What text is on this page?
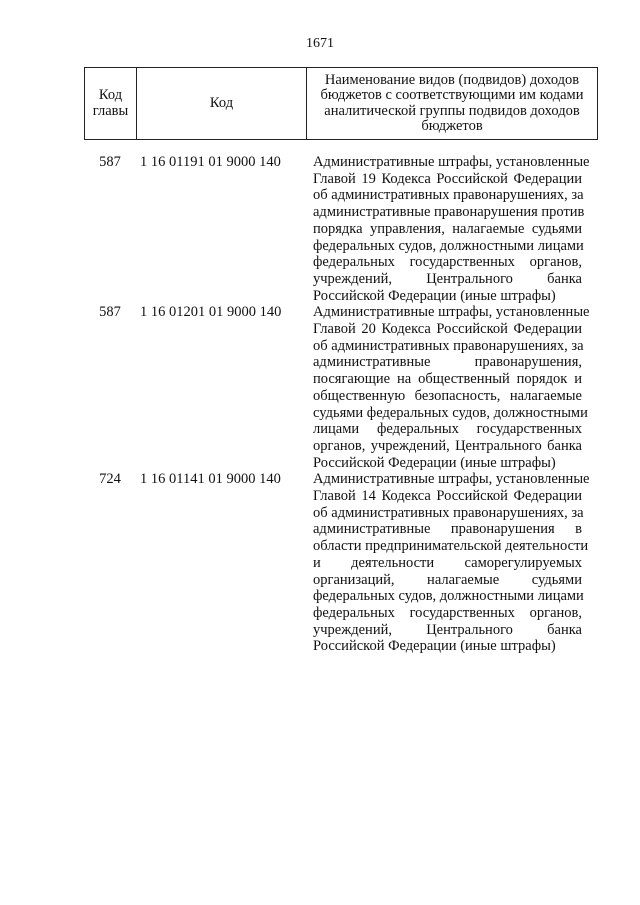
1671
Код главы	Код	Наименование видов (подвидов) доходов бюджетов с соответствующими им кодами аналитической группы подвидов доходов бюджетов
587	1 16 01191 01 9000 140	Административные штрафы, установленные
Главой 19 Кодекса Российской Федерации
об административных правонарушениях, за
административные правонарушения против
порядка управления, налагаемые судьями
федеральных судов, должностными лицами
федеральных государственных органов,
учреждений, Центрального банка
Российской Федерации (иные штрафы)
587	1 16 01201 01 9000 140	Административные штрафы, установленные
Главой 20 Кодекса Российской Федерации
об административных правонарушениях, за
административные правонарушения,
посягающие на общественный порядок и
общественную безопасность, налагаемые
судьями федеральных судов, должностными
лицами федеральных государственных
органов, учреждений, Центрального банка
Российской Федерации (иные штрафы)
724	1 16 01141 01 9000 140	Административные штрафы, установленные
Главой 14 Кодекса Российской Федерации
об административных правонарушениях, за
административные правонарушения в
области предпринимательской деятельности
и деятельности саморегулируемых
организаций, налагаемые судьями
федеральных судов, должностными лицами
федеральных государственных органов,
учреждений, Центрального банка
Российской Федерации (иные штрафы)
